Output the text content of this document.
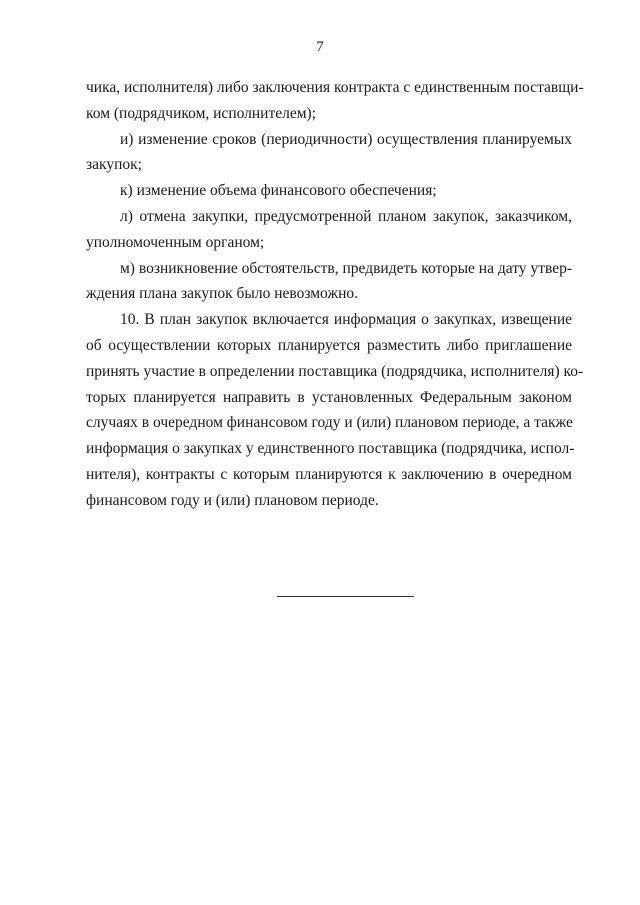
7
чика, исполнителя) либо заключения контракта с единственным поставщи-
ком (подрядчиком, исполнителем);
и) изменение сроков (периодичности) осуществления планируемых
закупок;
к) изменение объема финансового обеспечения;
л) отмена закупки, предусмотренной планом закупок, заказчиком,
уполномоченным органом;
м) возникновение обстоятельств, предвидеть которые на дату утвер-
ждения плана закупок было невозможно.
10. В план закупок включается информация о закупках, извещение
об осуществлении которых планируется разместить либо приглашение
принять участие в определении поставщика (подрядчика, исполнителя) ко-
торых планируется направить в установленных Федеральным законом
случаях в очередном финансовом году и (или) плановом периоде, а также
информация о закупках у единственного поставщика (подрядчика, испол-
нителя), контракты с которым планируются к заключению в очередном
финансовом году и (или) плановом периоде.
